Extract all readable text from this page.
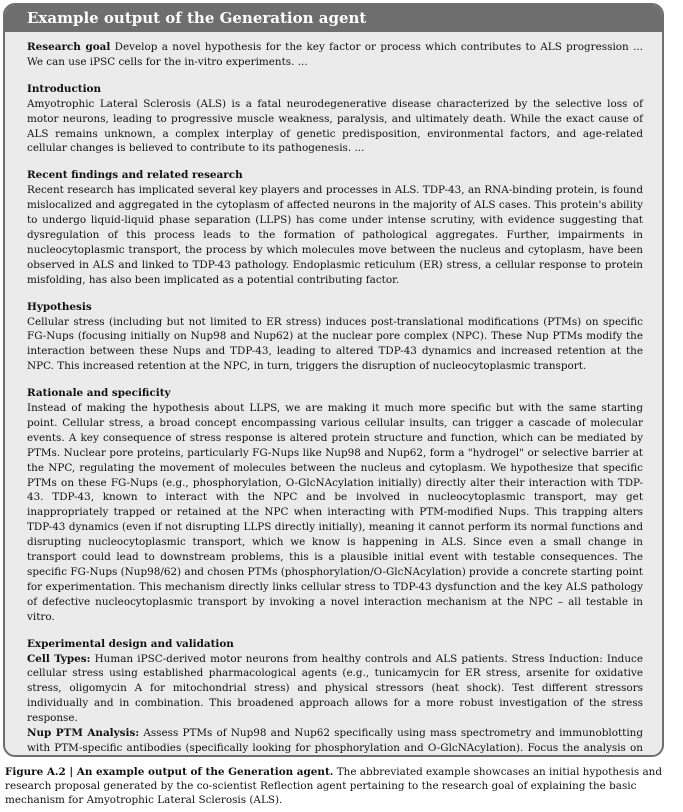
Example output of the Generation agent

Research goal Develop a novel hypothesis for the key factor or process which contributes to ALS progression ... We can use iPSC cells for the in-vitro experiments. ...

Introduction

Amyotrophic Lateral Sclerosis (ALS) is a fatal neurodegenerative disease characterized by the selective loss of motor neurons, leading to progressive muscle weakness, paralysis, and ultimately death. While the exact cause of ALS remains unknown, a complex interplay of genetic predisposition, environmental factors, and age-related cellular changes is believed to contribute to its pathogenesis. ...

Recent findings and related research

Recent research has implicated several key players and processes in ALS. TDP-43, an RNA-binding protein, is found mislocalized and aggregated in the cytoplasm of affected neurons in the majority of ALS cases. This protein's ability to undergo liquid-liquid phase separation (LLPS) has come under intense scrutiny, with evidence suggesting that dysregulation of this process leads to the formation of pathological aggregates. Further, impairments in nucleocytoplasmic transport, the process by which molecules move between the nucleus and cytoplasm, have been observed in ALS and linked to TDP-43 pathology. Endoplasmic reticulum (ER) stress, a cellular response to protein misfolding, has also been implicated as a potential contributing factor.

Hypothesis

Cellular stress (including but not limited to ER stress) induces post-translational modifications (PTMs) on specific FG-Nups (focusing initially on Nup98 and Nup62) at the nuclear pore complex (NPC). These Nup PTMs modify the interaction between these Nups and TDP-43, leading to altered TDP-43 dynamics and increased retention at the NPC. This increased retention at the NPC, in turn, triggers the disruption of nucleocytoplasmic transport.

Rationale and specificity

Instead of making the hypothesis about LLPS, we are making it much more specific but with the same starting point. Cellular stress, a broad concept encompassing various cellular insults, can trigger a cascade of molecular events. A key consequence of stress response is altered protein structure and function, which can be mediated by PTMs. Nuclear pore proteins, particularly FG-Nups like Nup98 and Nup62, form a "hydrogel" or selective barrier at the NPC, regulating the movement of molecules between the nucleus and cytoplasm. We hypothesize that specific PTMs on these FG-Nups (e.g., phosphorylation, O-GlcNAcylation initially) directly alter their interaction with TDP-43. TDP-43, known to interact with the NPC and be involved in nucleocytoplasmic transport, may get inappropriately trapped or retained at the NPC when interacting with PTM-modified Nups. This trapping alters TDP-43 dynamics (even if not disrupting LLPS directly initially), meaning it cannot perform its normal functions and disrupting nucleocytoplasmic transport, which we know is happening in ALS. Since even a small change in transport could lead to downstream problems, this is a plausible initial event with testable consequences. The specific FG-Nups (Nup98/62) and chosen PTMs (phosphorylation/O-GlcNAcylation) provide a concrete starting point for experimentation. This mechanism directly links cellular stress to TDP-43 dysfunction and the key ALS pathology of defective nucleocytoplasmic transport by invoking a novel interaction mechanism at the NPC – all testable in vitro.

Experimental design and validation

Cell Types: Human iPSC-derived motor neurons from healthy controls and ALS patients. Stress Induction: Induce cellular stress using established pharmacological agents (e.g., tunicamycin for ER stress, arsenite for oxidative stress, oligomycin A for mitochondrial stress) and physical stressors (heat shock). Test different stressors individually and in combination. This broadened approach allows for a more robust investigation of the stress response.

Nup PTM Analysis: Assess PTMs of Nup98 and Nup62 specifically using mass spectrometry and immunoblotting with PTM-specific antibodies (specifically looking for phosphorylation and O-GlcNAcylation). Focus the analysis on

Figure A.2 | An example output of the Generation agent. The abbreviated example showcases an initial hypothesis and research proposal generated by the co-scientist Reflection agent pertaining to the research goal of explaining the basic mechanism for Amyotrophic Lateral Sclerosis (ALS).
